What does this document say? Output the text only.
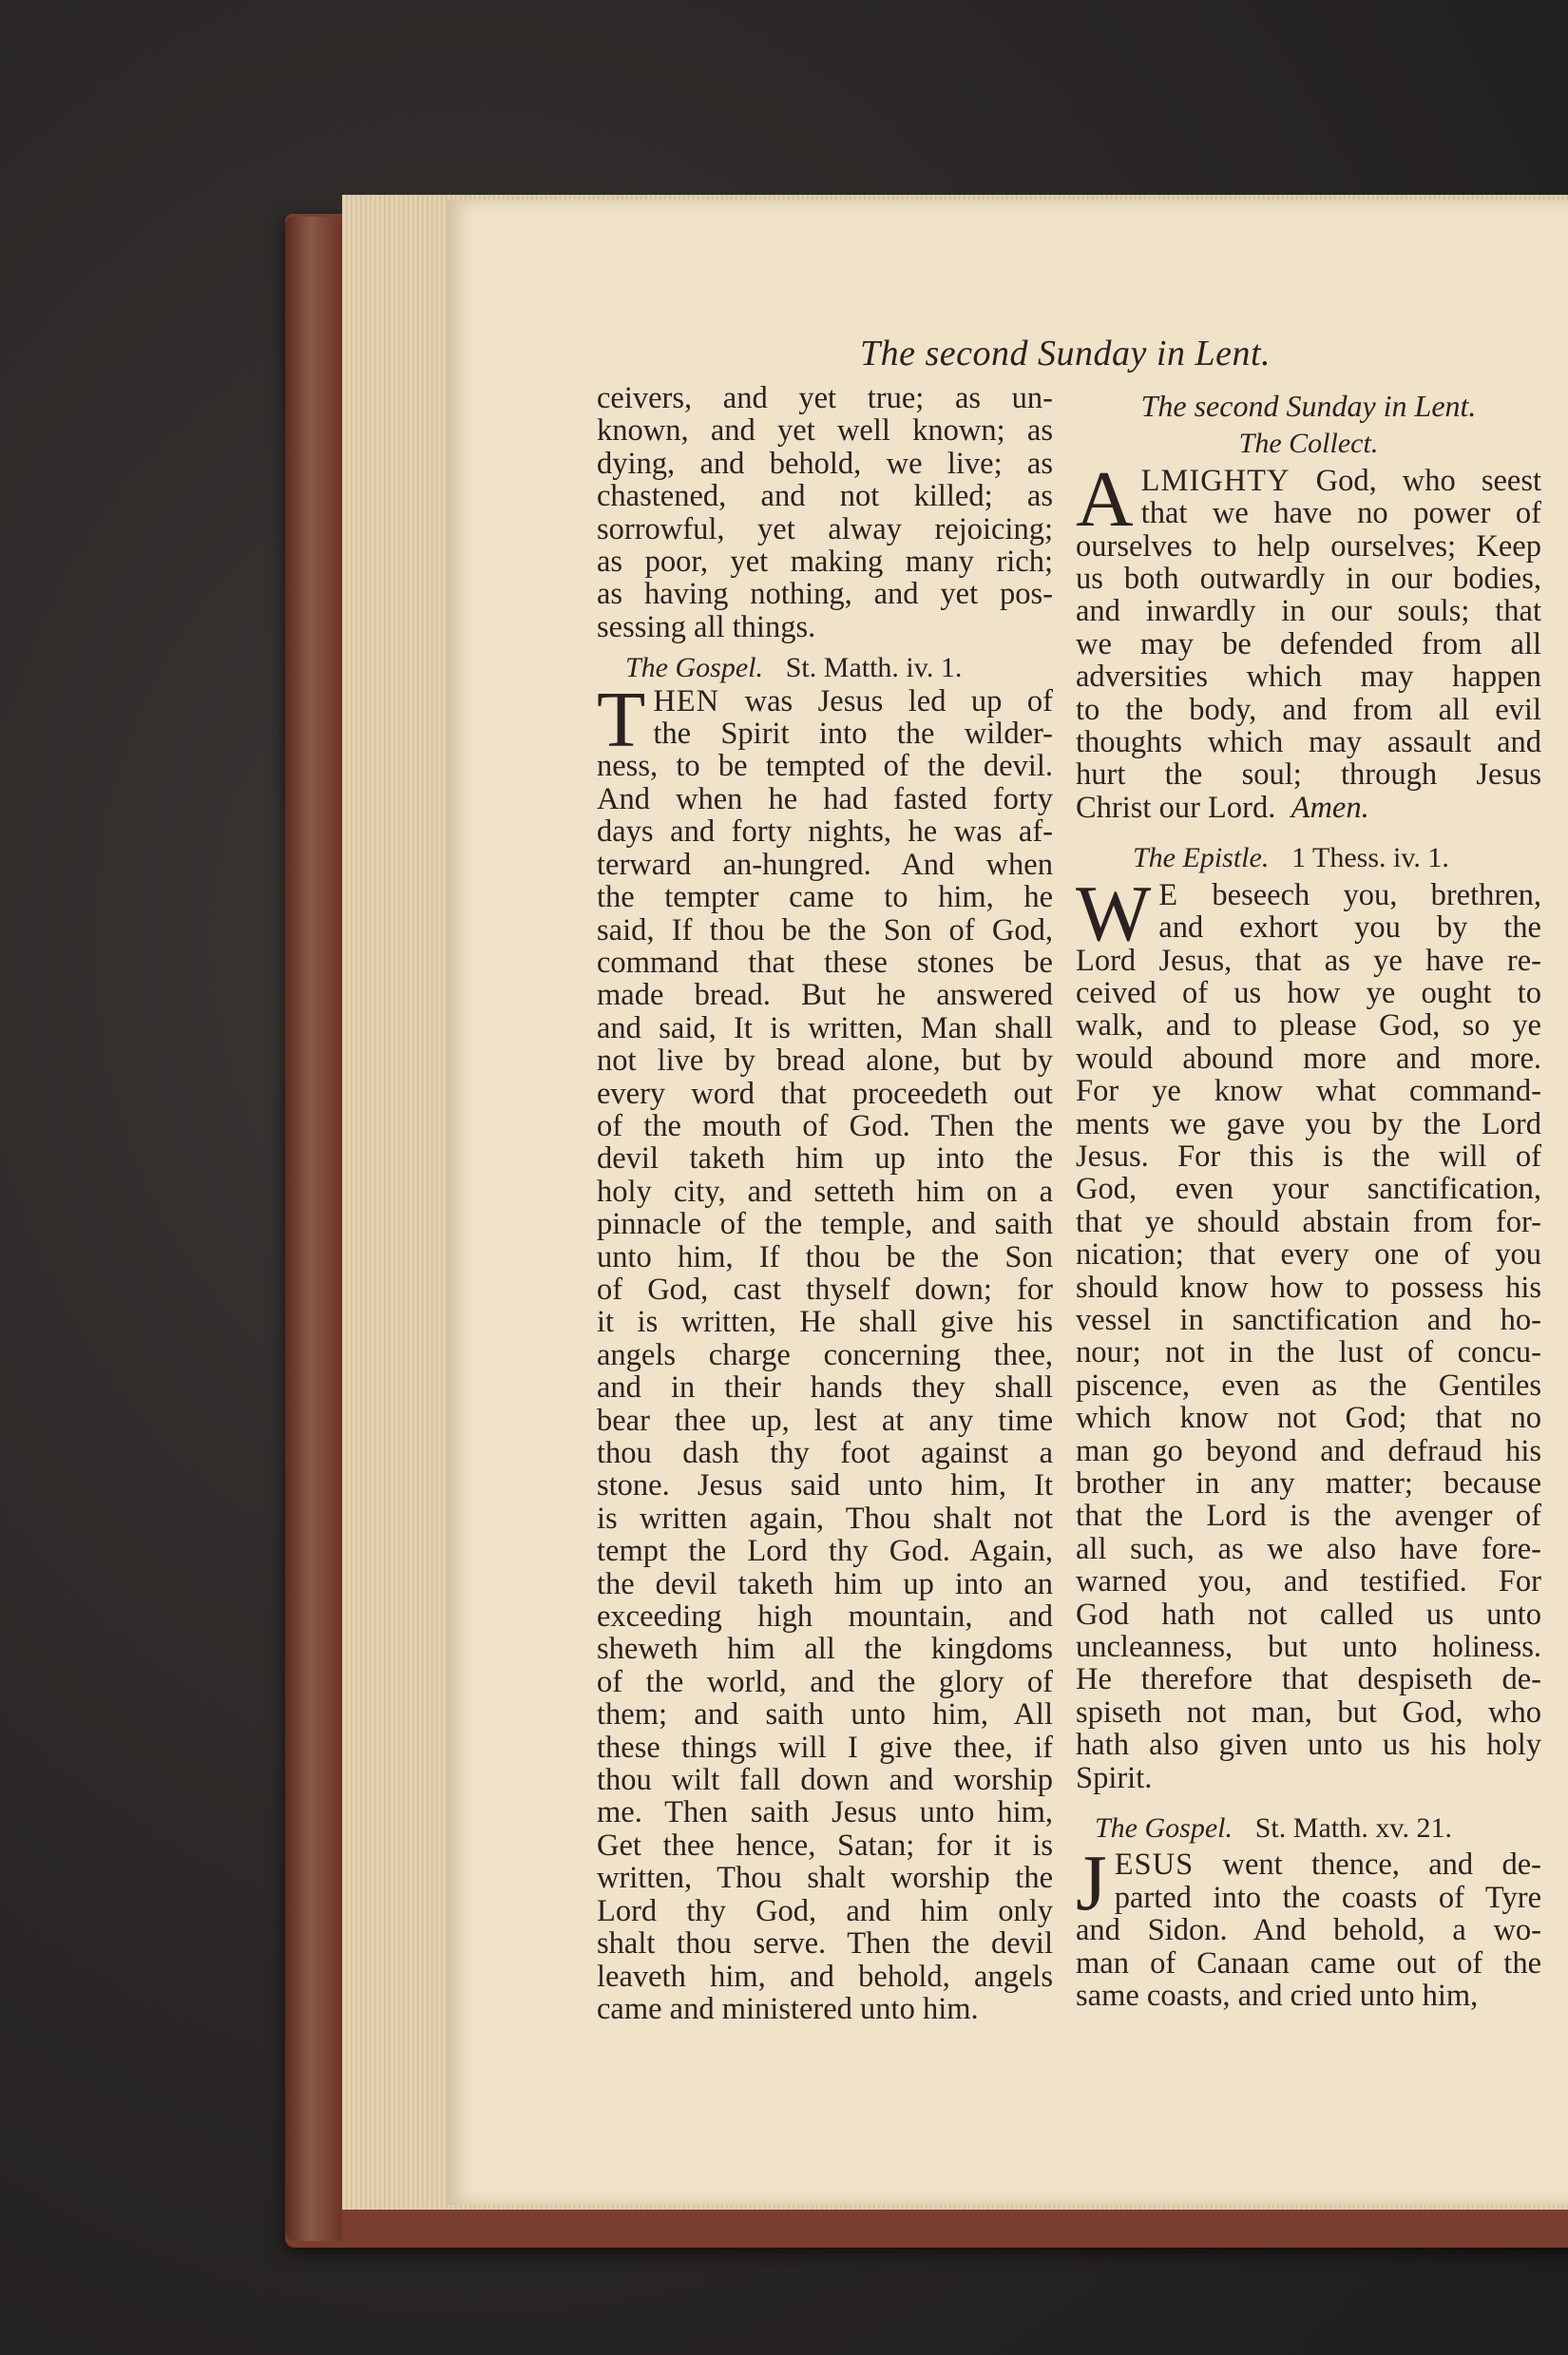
The second Sunday in Lent.
ceivers, and yet true; as un-
known, and yet well known; as
dying, and behold, we live; as
chastened, and not killed; as
sorrowful, yet alway rejoicing;
as poor, yet making many rich;
as having nothing, and yet pos-
sessing all things.
The Gospel. St. Matth. iv. 1.
T HEN was Jesus led up of
the Spirit into the wilder-
ness, to be tempted of the devil.
And when he had fasted forty
days and forty nights, he was af-
terward an-hungred. And when
the tempter came to him, he
said, If thou be the Son of God,
command that these stones be
made bread. But he answered
and said, It is written, Man shall
not live by bread alone, but by
every word that proceedeth out
of the mouth of God. Then the
devil taketh him up into the
holy city, and setteth him on a
pinnacle of the temple, and saith
unto him, If thou be the Son
of God, cast thyself down; for
it is written, He shall give his
angels charge concerning thee,
and in their hands they shall
bear thee up, lest at any time
thou dash thy foot against a
stone. Jesus said unto him, It
is written again, Thou shalt not
tempt the Lord thy God. Again,
the devil taketh him up into an
exceeding high mountain, and
sheweth him all the kingdoms
of the world, and the glory of
them; and saith unto him, All
these things will I give thee, if
thou wilt fall down and worship
me. Then saith Jesus unto him,
Get thee hence, Satan; for it is
written, Thou shalt worship the
Lord thy God, and him only
shalt thou serve. Then the devil
leaveth him, and behold, angels
came and ministered unto him.
The second Sunday in Lent.
The Collect.
A LMIGHTY God, who seest
that we have no power of
ourselves to help ourselves; Keep
us both outwardly in our bodies,
and inwardly in our souls; that
we may be defended from all
adversities which may happen
to the body, and from all evil
thoughts which may assault and
hurt the soul; through Jesus
Christ our Lord. Amen.
The Epistle. 1 Thess. iv. 1.
W E beseech you, brethren,
and exhort you by the
Lord Jesus, that as ye have re-
ceived of us how ye ought to
walk, and to please God, so ye
would abound more and more.
For ye know what command-
ments we gave you by the Lord
Jesus. For this is the will of
God, even your sanctification,
that ye should abstain from for-
nication; that every one of you
should know how to possess his
vessel in sanctification and ho-
nour; not in the lust of concu-
piscence, even as the Gentiles
which know not God; that no
man go beyond and defraud his
brother in any matter; because
that the Lord is the avenger of
all such, as we also have fore-
warned you, and testified. For
God hath not called us unto
uncleanness, but unto holiness.
He therefore that despiseth de-
spiseth not man, but God, who
hath also given unto us his holy
Spirit.
The Gospel. St. Matth. xv. 21.
J ESUS went thence, and de-
parted into the coasts of Tyre
and Sidon. And behold, a wo-
man of Canaan came out of the
same coasts, and cried unto him,
